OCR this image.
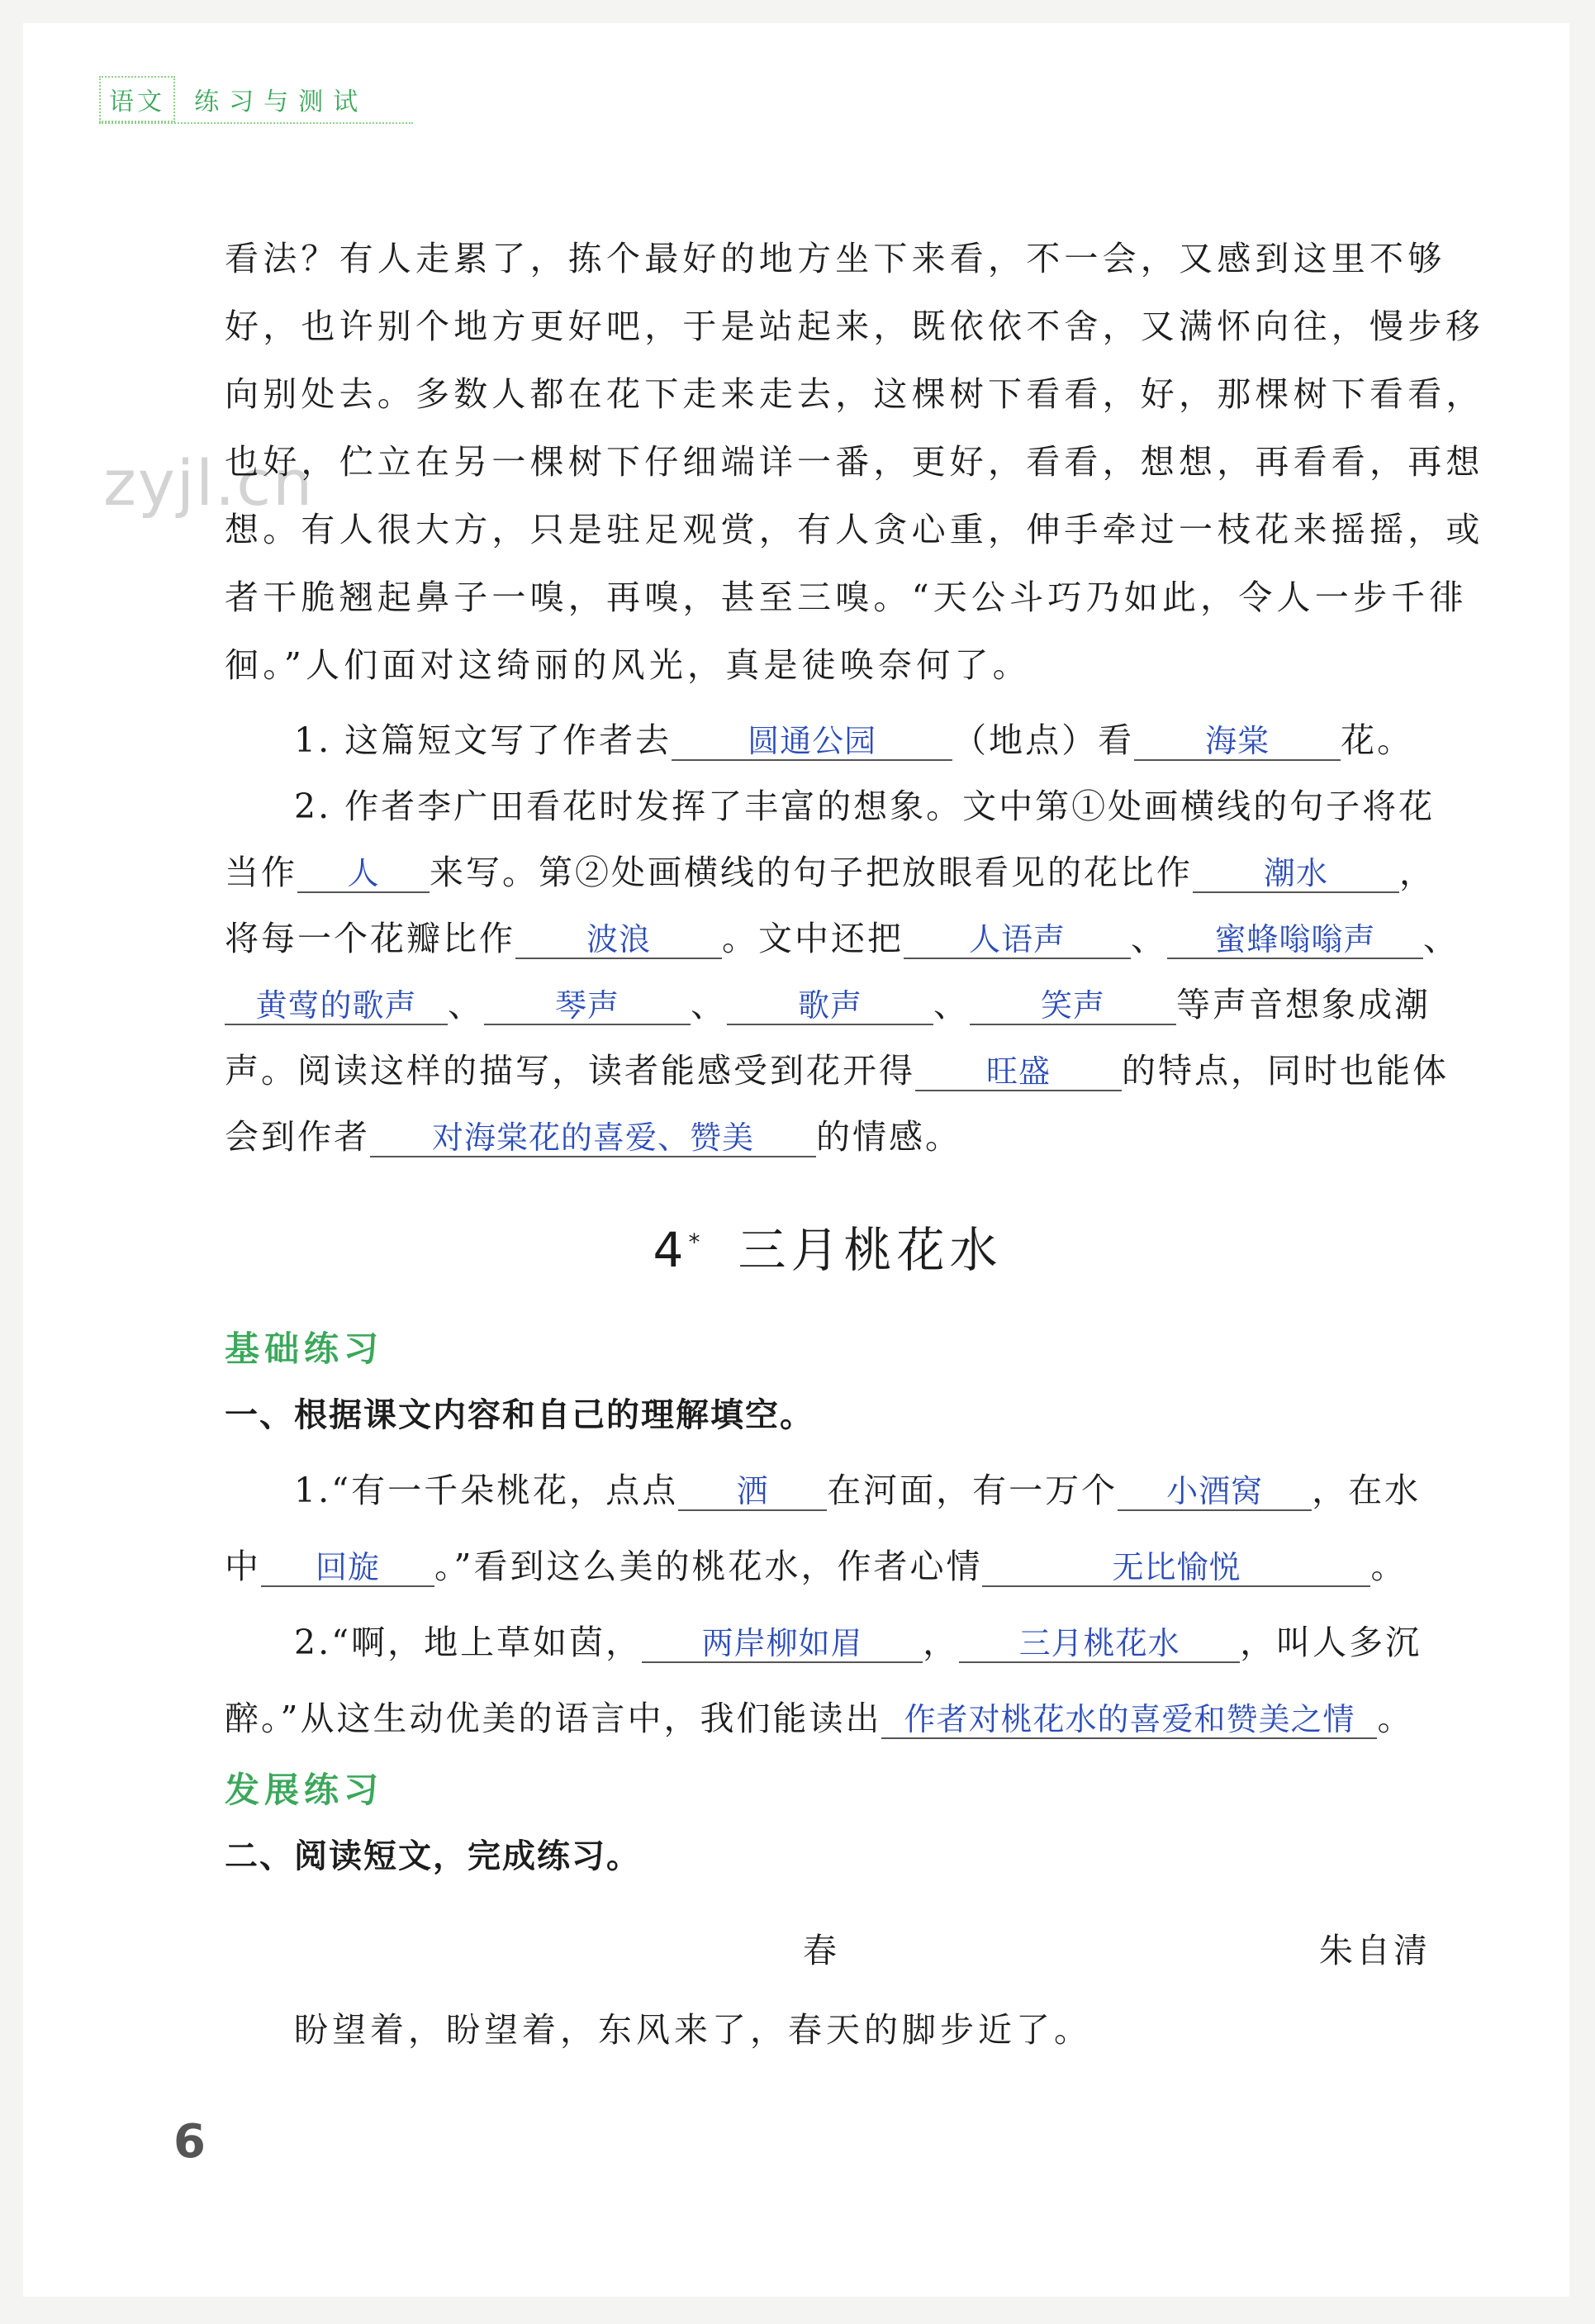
语文 练习与测试
zyjl.cn
看法？有人走累了，拣个最好的地方坐下来看，不一会，又感到这里不够
好，也许别个地方更好吧，于是站起来，既依依不舍，又满怀向往，慢步移
向别处去。多数人都在花下走来走去，这棵树下看看，好，那棵树下看看，
也好，伫立在另一棵树下仔细端详一番，更好，看看，想想，再看看，再想
想。有人很大方，只是驻足观赏，有人贪心重，伸手牵过一枝花来摇摇，或
者干脆翘起鼻子一嗅，再嗅，甚至三嗅。“天公斗巧乃如此，令人一步千徘
徊。”人们面对这绮丽的风光，真是徒唤奈何了。
1. 这篇短文写了作者去 圆通公园 （地点）看 海棠 花。
2. 作者李广田看花时发挥了丰富的想象。文中第①处画横线的句子将花
当作 人 来写。第②处画横线的句子把放眼看见的花比作 潮水 ，
将每一个花瓣比作 波浪 。文中还把 人语声 、 蜜蜂嗡嗡声 、
黄莺的歌声 、 琴声 、 歌声 、 笑声 等声音想象成潮
声。阅读这样的描写，读者能感受到花开得 旺盛 的特点，同时也能体
会到作者 对海棠花的喜爱、赞美 的情感。
4* 三月桃花水
基础练习
一、根据课文内容和自己的理解填空。
1.“有一千朵桃花，点点 洒 在河面，有一万个 小酒窝 ，在水
中 回旋 。”看到这么美的桃花水，作者心情	无比愉悦	。
2.“啊，地上草如茵， 两岸柳如眉 ， 三月桃花水 ，叫人多沉
醉。”从这生动优美的语言中，我们能读出 作者对桃花水的喜爱和赞美之情 。
发展练习
二、阅读短文，完成练习。
春	朱自清
盼望着，盼望着，东风来了，春天的脚步近了。
6
